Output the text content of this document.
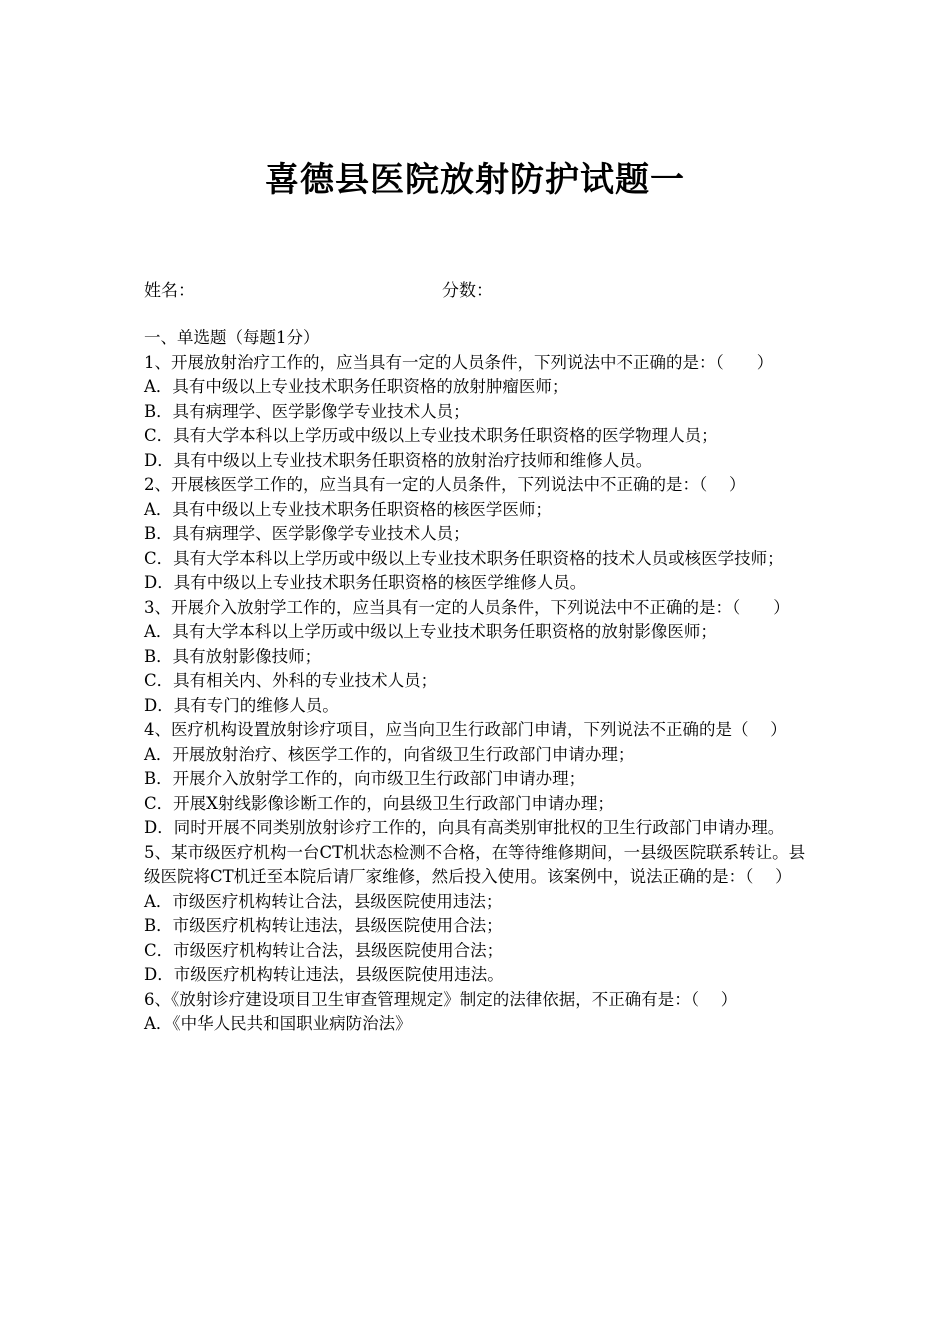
喜德县医院放射防护试题一
姓名：	分数：

一、单选题（每题1分）

1、开展放射治疗工作的，应当具有一定的人员条件，下列说法中不正确的是：（　　）

A．具有中级以上专业技术职务任职资格的放射肿瘤医师；

B．具有病理学、医学影像学专业技术人员；

C．具有大学本科以上学历或中级以上专业技术职务任职资格的医学物理人员；

D．具有中级以上专业技术职务任职资格的放射治疗技师和维修人员。

2、开展核医学工作的，应当具有一定的人员条件，下列说法中不正确的是：（　 ）

A．具有中级以上专业技术职务任职资格的核医学医师；

B．具有病理学、医学影像学专业技术人员；

C．具有大学本科以上学历或中级以上专业技术职务任职资格的技术人员或核医学技师；

D．具有中级以上专业技术职务任职资格的核医学维修人员。

3、开展介入放射学工作的，应当具有一定的人员条件，下列说法中不正确的是：（　　）

A．具有大学本科以上学历或中级以上专业技术职务任职资格的放射影像医师；

B．具有放射影像技师；

C．具有相关内、外科的专业技术人员；

D．具有专门的维修人员。

4、医疗机构设置放射诊疗项目，应当向卫生行政部门申请，下列说法不正确的是（　 ）

A．开展放射治疗、核医学工作的，向省级卫生行政部门申请办理；

B．开展介入放射学工作的，向市级卫生行政部门申请办理；

C．开展X射线影像诊断工作的，向县级卫生行政部门申请办理；

D．同时开展不同类别放射诊疗工作的，向具有高类别审批权的卫生行政部门申请办理。

5、某市级医疗机构一台CT机状态检测不合格，在等待维修期间，一县级医院联系转让。县级医院将CT机迁至本院后请厂家维修，然后投入使用。该案例中，说法正确的是：（　 ）

A．市级医疗机构转让合法，县级医院使用违法；

B．市级医疗机构转让违法，县级医院使用合法；

C．市级医疗机构转让合法，县级医院使用合法；

D．市级医疗机构转让违法，县级医院使用违法。

6、《放射诊疗建设项目卫生审查管理规定》制定的法律依据，不正确有是：（　 ）

A．《中华人民共和国职业病防治法》
